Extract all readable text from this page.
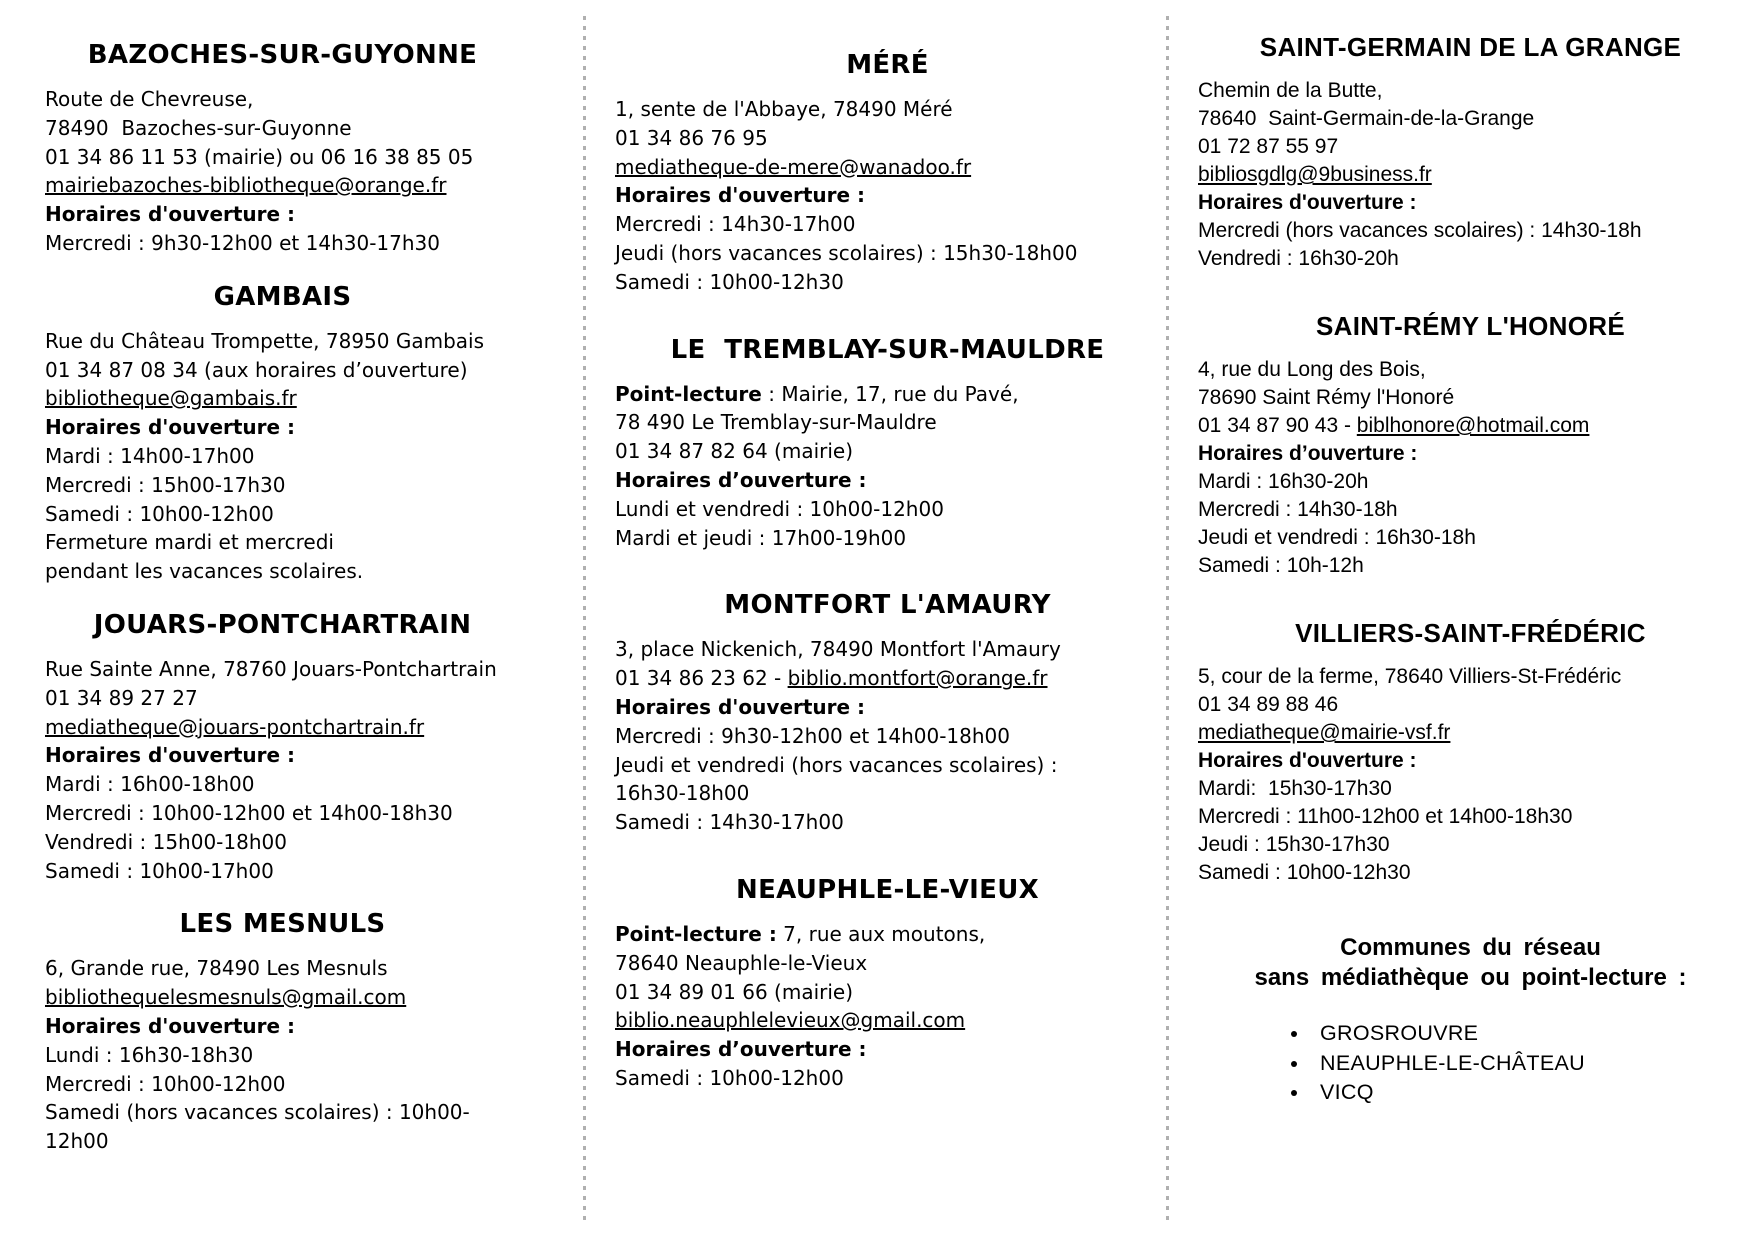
BAZOCHES-SUR-GUYONNE
Route de Chevreuse,
78490  Bazoches-sur-Guyonne
01 34 86 11 53 (mairie) ou 06 16 38 85 05
mairiebazoches-bibliotheque@orange.fr
Horaires d'ouverture :
Mercredi : 9h30-12h00 et 14h30-17h30
GAMBAIS
Rue du Château Trompette, 78950 Gambais
01 34 87 08 34 (aux horaires d’ouverture)
bibliotheque@gambais.fr
Horaires d'ouverture :
Mardi : 14h00-17h00
Mercredi : 15h00-17h30
Samedi : 10h00-12h00
Fermeture mardi et mercredi
pendant les vacances scolaires.
JOUARS-PONTCHARTRAIN
Rue Sainte Anne, 78760 Jouars-Pontchartrain
01 34 89 27 27
mediatheque@jouars-pontchartrain.fr
Horaires d'ouverture :
Mardi : 16h00-18h00
Mercredi : 10h00-12h00 et 14h00-18h30
Vendredi : 15h00-18h00
Samedi : 10h00-17h00
LES MESNULS
6, Grande rue, 78490 Les Mesnuls
bibliothequelesmesnuls@gmail.com
Horaires d'ouverture :
Lundi : 16h30-18h30
Mercredi : 10h00-12h00
Samedi (hors vacances scolaires) : 10h00-12h00
MÉRÉ
1, sente de l'Abbaye, 78490 Méré
01 34 86 76 95
mediatheque-de-mere@wanadoo.fr
Horaires d'ouverture :
Mercredi : 14h30-17h00
Jeudi (hors vacances scolaires) : 15h30-18h00
Samedi : 10h00-12h30
LE  TREMBLAY-SUR-MAULDRE
Point-lecture : Mairie, 17, rue du Pavé,
78 490 Le Tremblay-sur-Mauldre
01 34 87 82 64 (mairie)
Horaires d’ouverture :
Lundi et vendredi : 10h00-12h00
Mardi et jeudi : 17h00-19h00
MONTFORT L'AMAURY
3, place Nickenich, 78490 Montfort l'Amaury
01 34 86 23 62 - biblio.montfort@orange.fr
Horaires d'ouverture :
Mercredi : 9h30-12h00 et 14h00-18h00
Jeudi et vendredi (hors vacances scolaires) :
16h30-18h00
Samedi : 14h30-17h00
NEAUPHLE-LE-VIEUX
Point-lecture : 7, rue aux moutons,
78640 Neauphle-le-Vieux
01 34 89 01 66 (mairie)
biblio.neauphlelevieux@gmail.com
Horaires d’ouverture :
Samedi : 10h00-12h00
SAINT-GERMAIN DE LA GRANGE
Chemin de la Butte,
78640  Saint-Germain-de-la-Grange
01 72 87 55 97
bibliosgdlg@9business.fr
Horaires d'ouverture :
Mercredi (hors vacances scolaires) : 14h30-18h
Vendredi : 16h30-20h
SAINT-RÉMY L'HONORÉ
4, rue du Long des Bois,
78690 Saint Rémy l'Honoré
01 34 87 90 43 - biblhonore@hotmail.com
Horaires d’ouverture :
Mardi : 16h30-20h
Mercredi : 14h30-18h
Jeudi et vendredi : 16h30-18h
Samedi : 10h-12h
VILLIERS-SAINT-FRÉDÉRIC
5, cour de la ferme, 78640 Villiers-St-Frédéric
01 34 89 88 46
mediatheque@mairie-vsf.fr
Horaires d'ouverture :
Mardi:  15h30-17h30
Mercredi : 11h00-12h00 et 14h00-18h30
Jeudi : 15h30-17h30
Samedi : 10h00-12h30
Communes du réseau
sans médiathèque ou point-lecture :
• GROSROUVRE
• NEAUPHLE-LE-CHÂTEAU
• VICQ
